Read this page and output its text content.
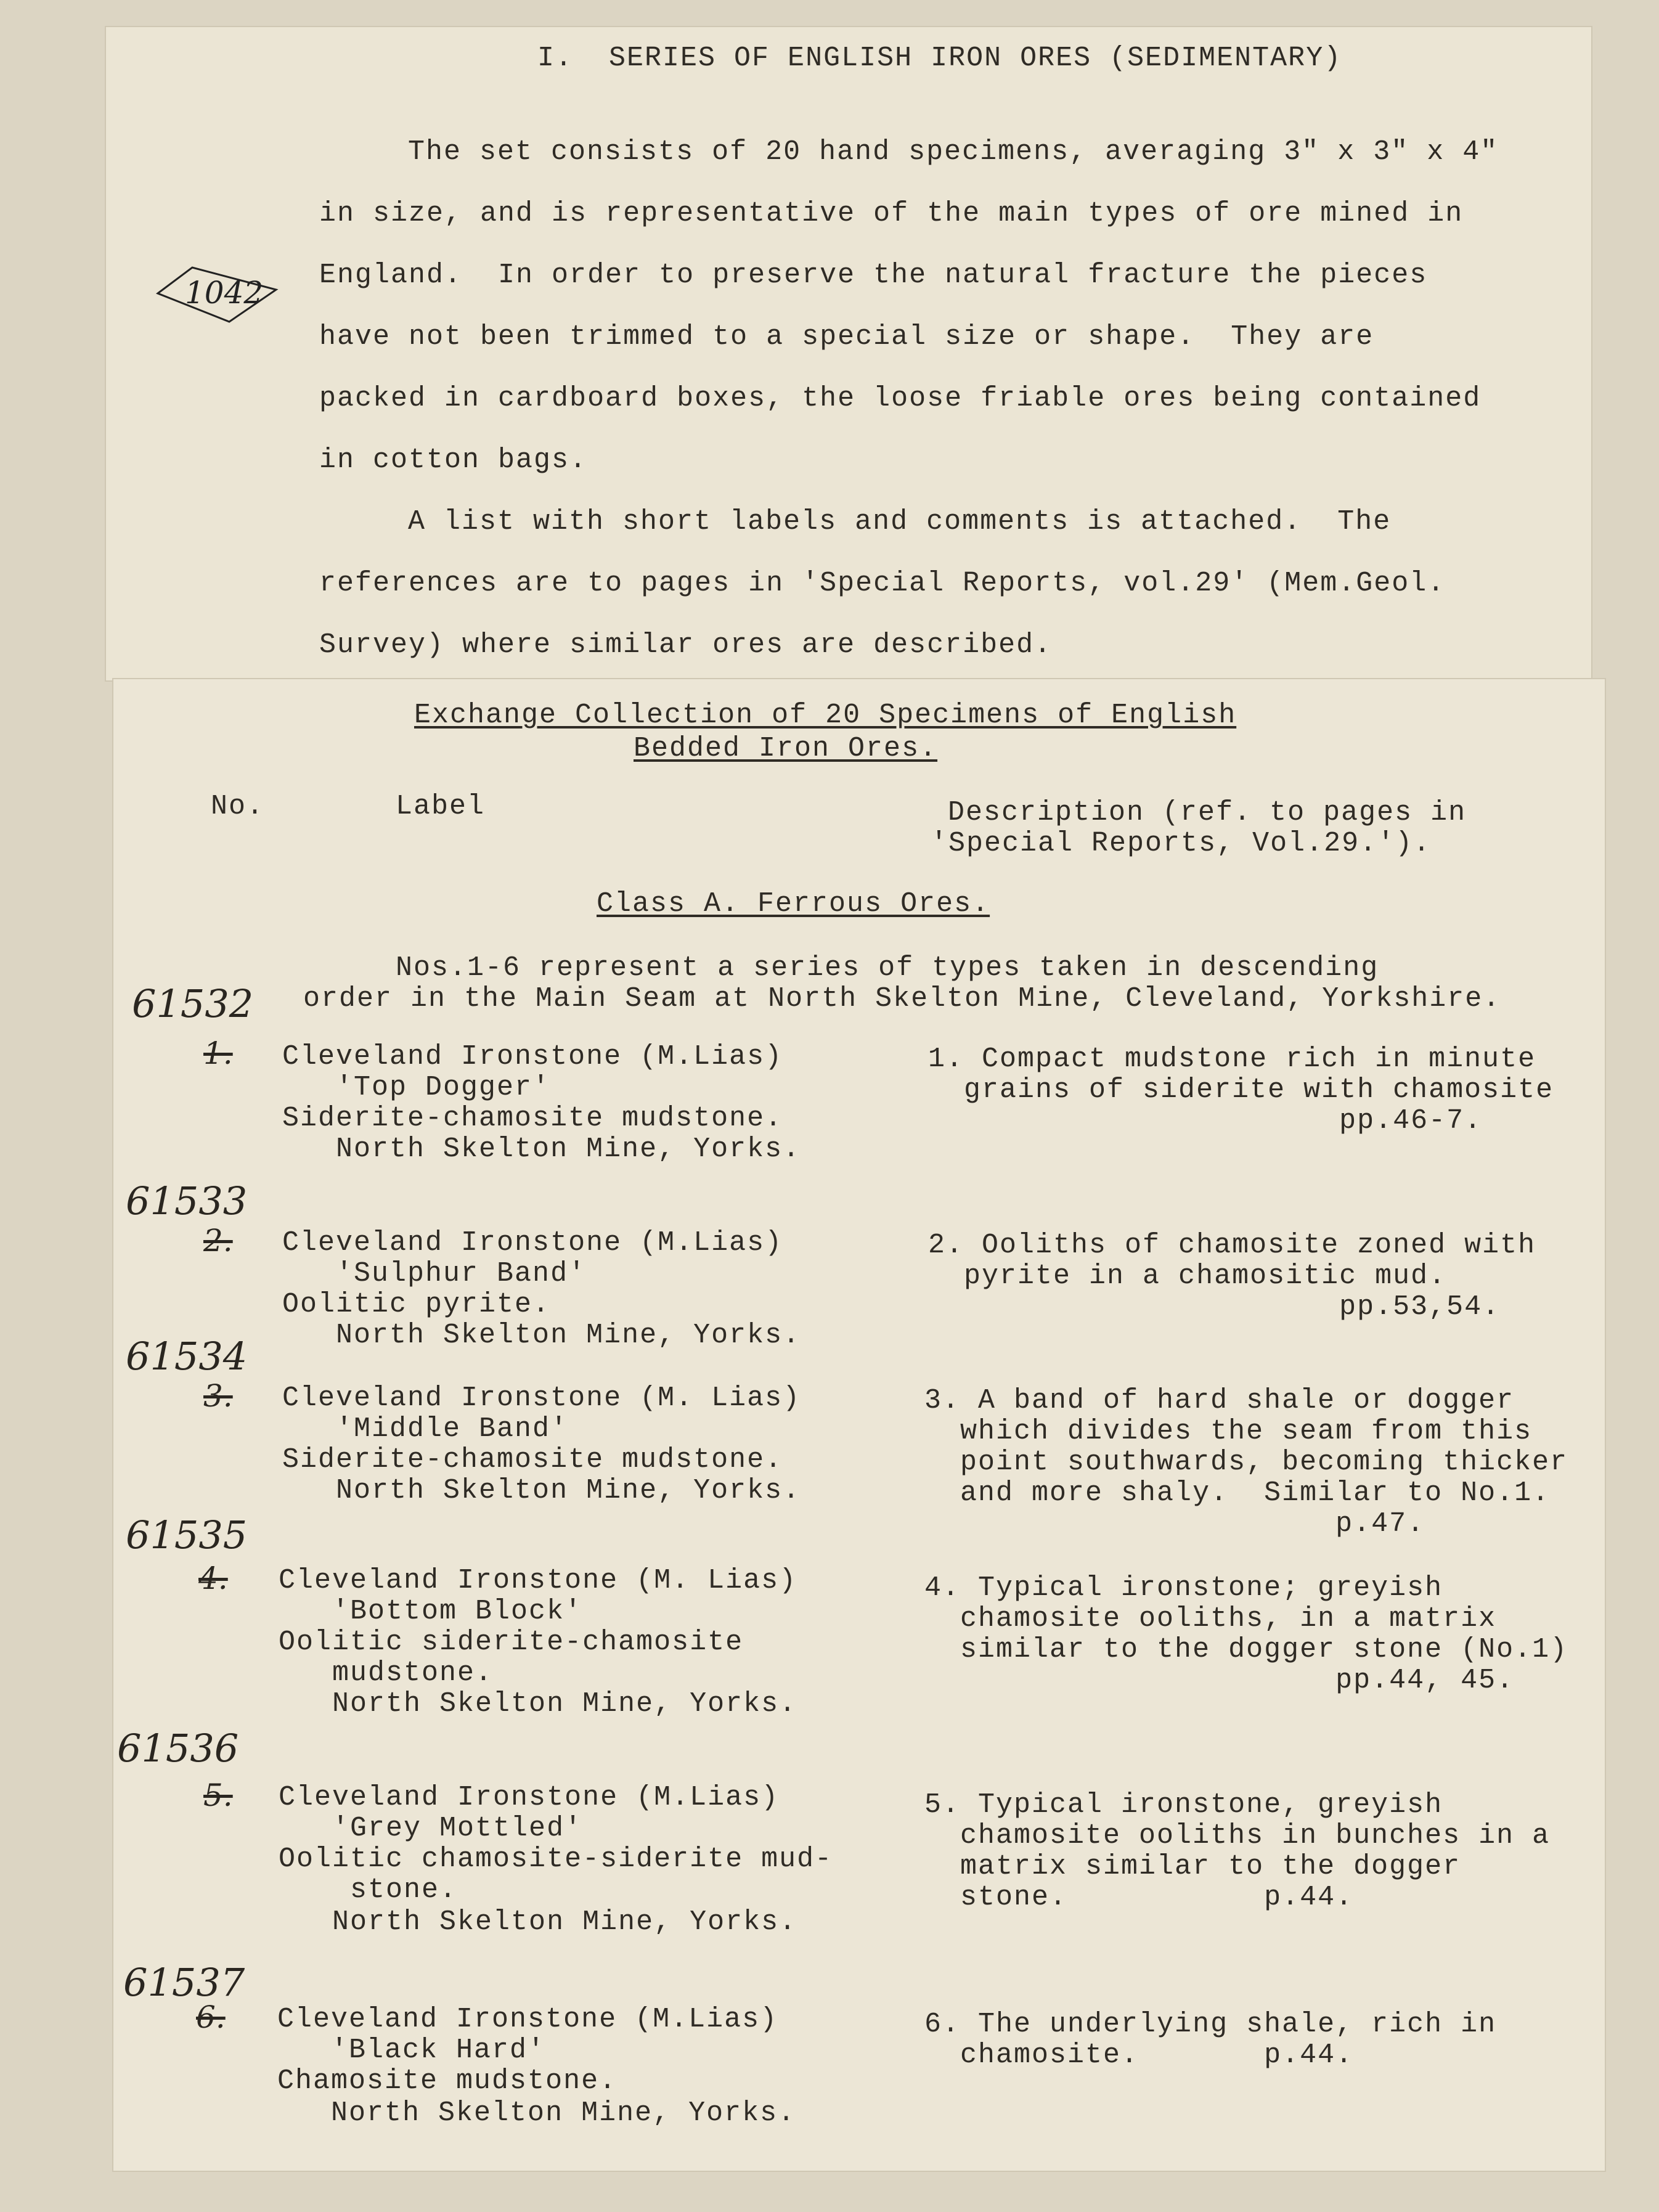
I.  SERIES OF ENGLISH IRON ORES (SEDIMENTARY)
1042
The set consists of 20 hand specimens, averaging 3" x 3" x 4"
in size, and is representative of the main types of ore mined in
England.  In order to preserve the natural fracture the pieces
have not been trimmed to a special size or shape.  They are
packed in cardboard boxes, the loose friable ores being contained
in cotton bags.
A list with short labels and comments is attached.  The
references are to pages in 'Special Reports, vol.29' (Mem.Geol.
Survey) where similar ores are described.
Exchange Collection of 20 Specimens of English
Bedded Iron Ores.
No.	Label	Description (ref. to pages in
'Special Reports, Vol.29.').
Class A. Ferrous Ores.
Nos.1-6 represent a series of types taken in descending
order in the Main Seam at North Skelton Mine, Cleveland, Yorkshire.
61532
1. Cleveland Ironstone (M.Lias)
'Top Dogger'
Siderite-chamosite mudstone.
North Skelton Mine, Yorks.
1. Compact mudstone rich in minute
grains of siderite with chamosite
pp.46-7.
61533
2. Cleveland Ironstone (M.Lias)
'Sulphur Band'
Oolitic pyrite.
North Skelton Mine, Yorks.
2. Ooliths of chamosite zoned with
pyrite in a chamositic mud.
pp.53,54.
61534
3. Cleveland Ironstone (M. Lias)
'Middle Band'
Siderite-chamosite mudstone.
North Skelton Mine, Yorks.
3. A band of hard shale or dogger
which divides the seam from this
point southwards, becoming thicker
and more shaly.  Similar to No.1.
p.47.
61535
4. Cleveland Ironstone (M. Lias)
'Bottom Block'
Oolitic siderite-chamosite
mudstone.
North Skelton Mine, Yorks.
4. Typical ironstone; greyish
chamosite ooliths, in a matrix
similar to the dogger stone (No.1)
pp.44, 45.
61536
5. Cleveland Ironstone (M.Lias)
'Grey Mottled'
Oolitic chamosite-siderite mud-
stone.
North Skelton Mine, Yorks.
5. Typical ironstone, greyish
chamosite ooliths in bunches in a
matrix similar to the dogger
stone.           p.44.
61537
6. Cleveland Ironstone (M.Lias)
'Black Hard'
Chamosite mudstone.
North Skelton Mine, Yorks.
6. The underlying shale, rich in
chamosite.       p.44.
